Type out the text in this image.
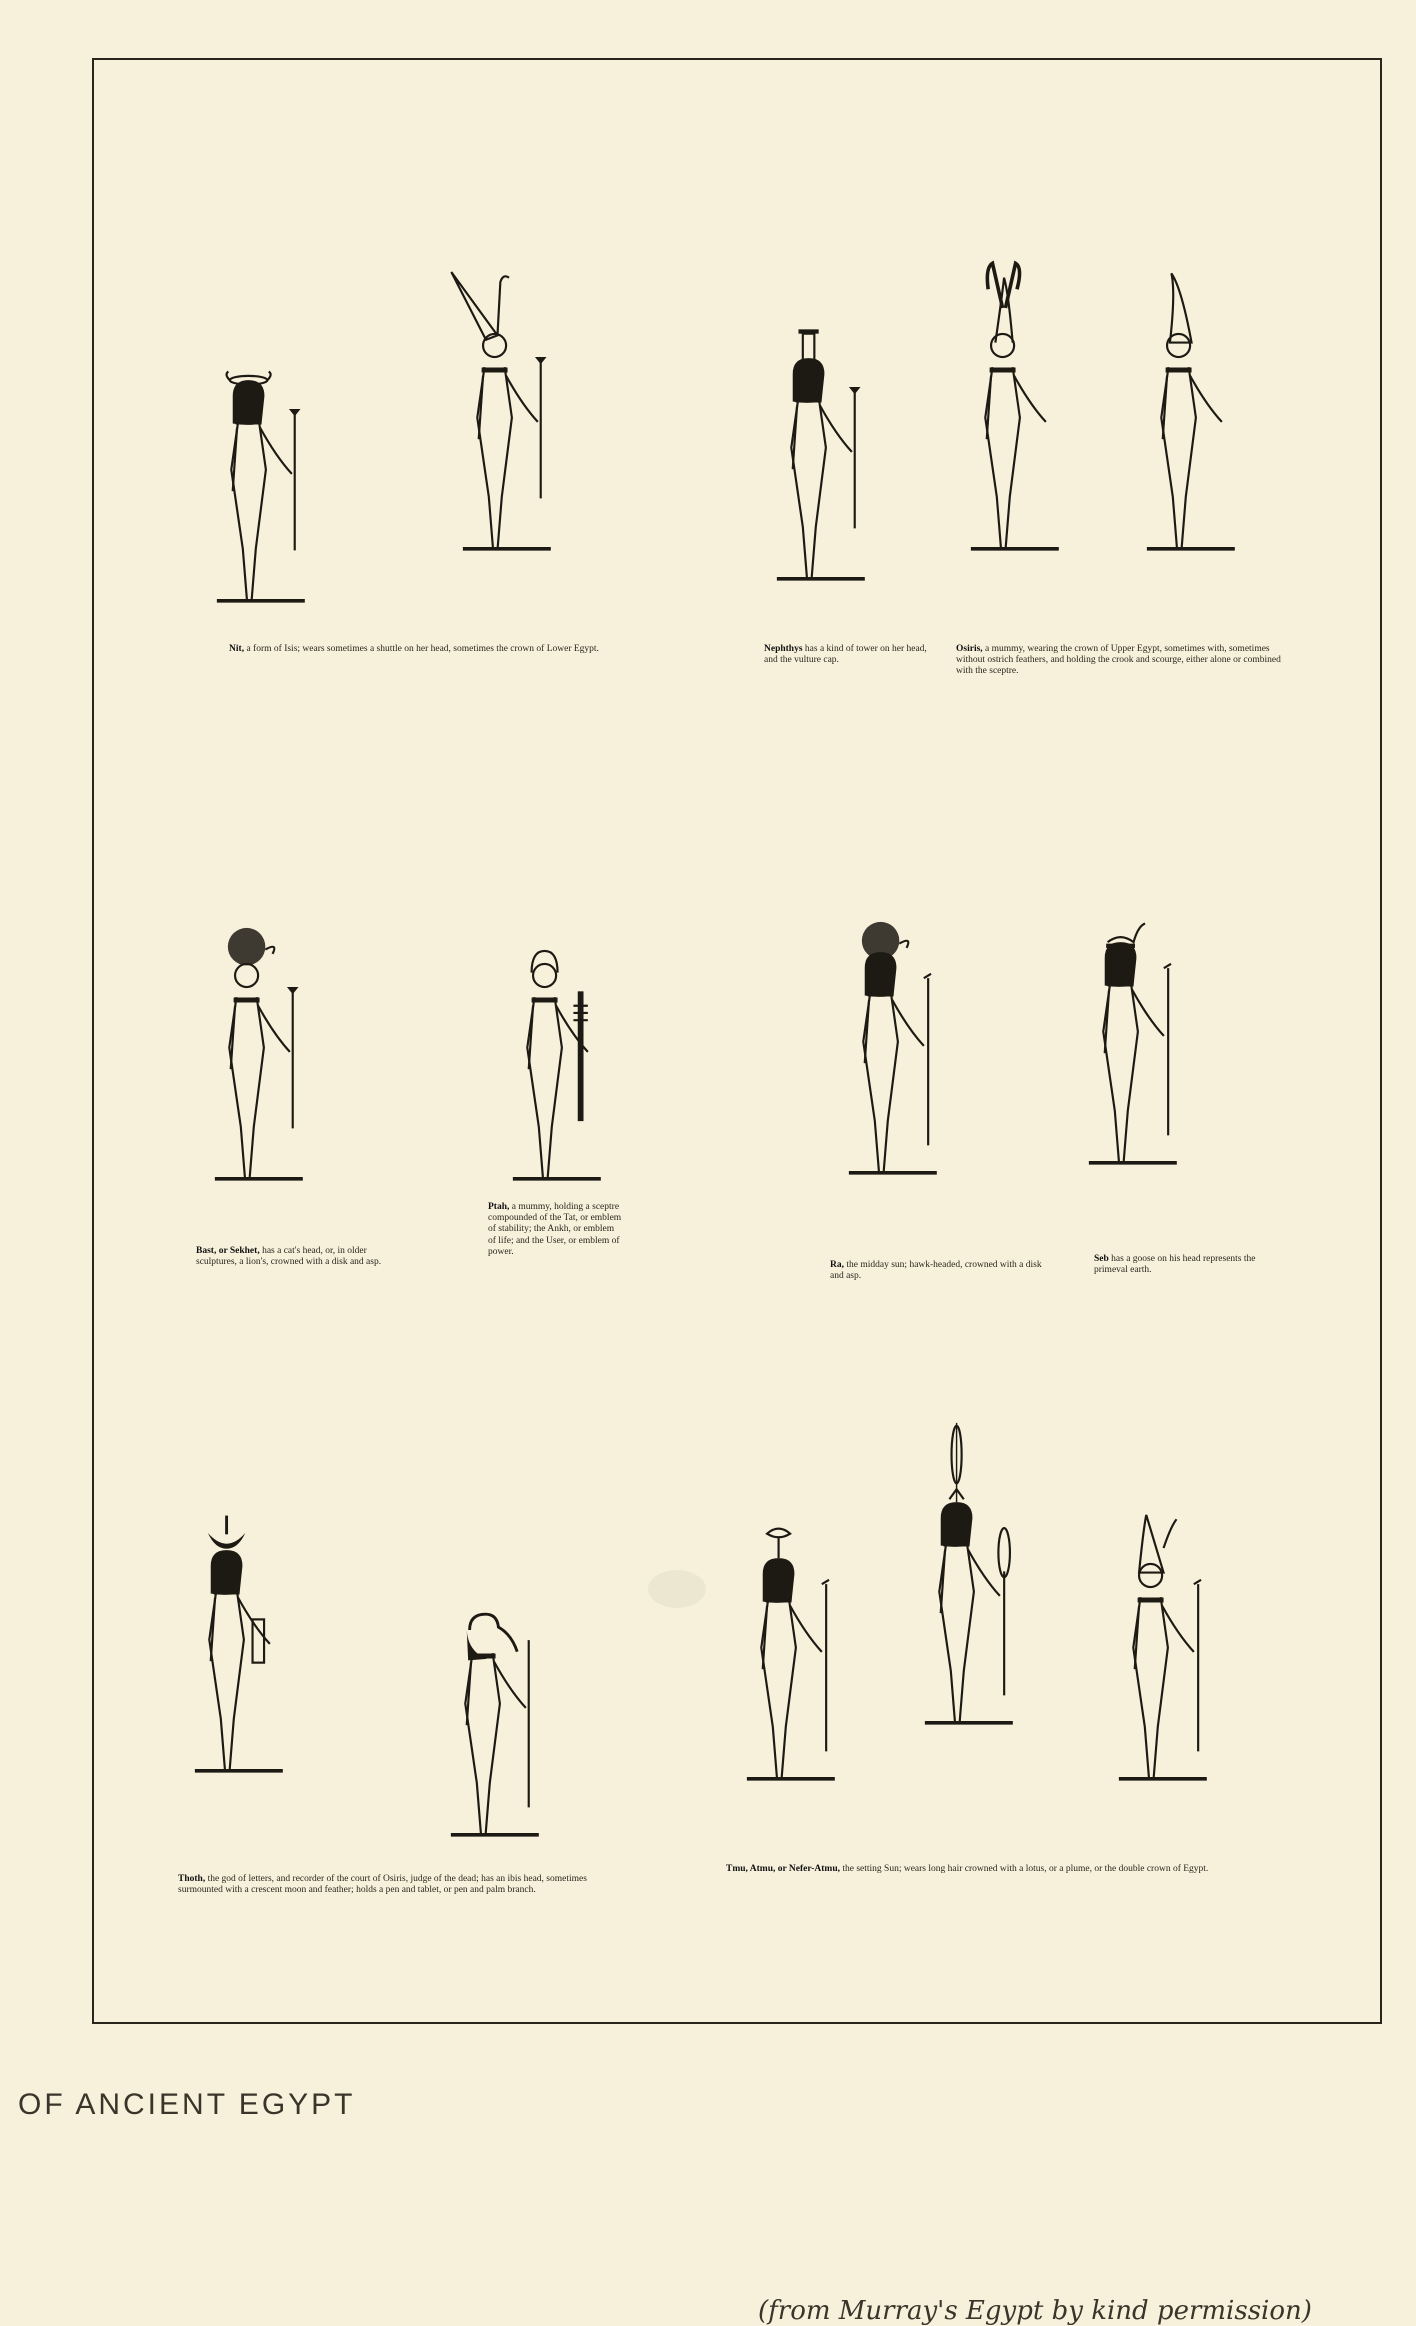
Nit, a form of Isis; wears sometimes a shuttle on her head, sometimes the crown of Lower Egypt.	Nephthys has a kind of tower on her head, and the vulture cap.
Osiris, a mummy, wearing the crown of Upper Egypt, sometimes with, sometimes without ostrich feathers, and holding the crook and scourge, either alone or combined with the sceptre.
Bast, or Sekhet, has a cat's head, or, in older sculptures, a lion's, crowned with a disk and asp.
Ptah, a mummy, holding a sceptre compounded of the Tat, or emblem of stability; the Ankh, or emblem of life; and the User, or emblem of power.
Ra, the midday sun; hawk-headed, crowned with a disk and asp.
Seb has a goose on his head represents the primeval earth.
Thoth, the god of letters, and recorder of the court of Osiris, judge of the dead; has an ibis head, sometimes surmounted with a crescent moon and feather; holds a pen and tablet, or pen and palm branch.
Tmu, Atmu, or Nefer-Atmu, the setting Sun; wears long hair crowned with a lotus, or a plume, or the double crown of Egypt.
OF ANCIENT EGYPT
(from Murray's Egypt by kind permission)
